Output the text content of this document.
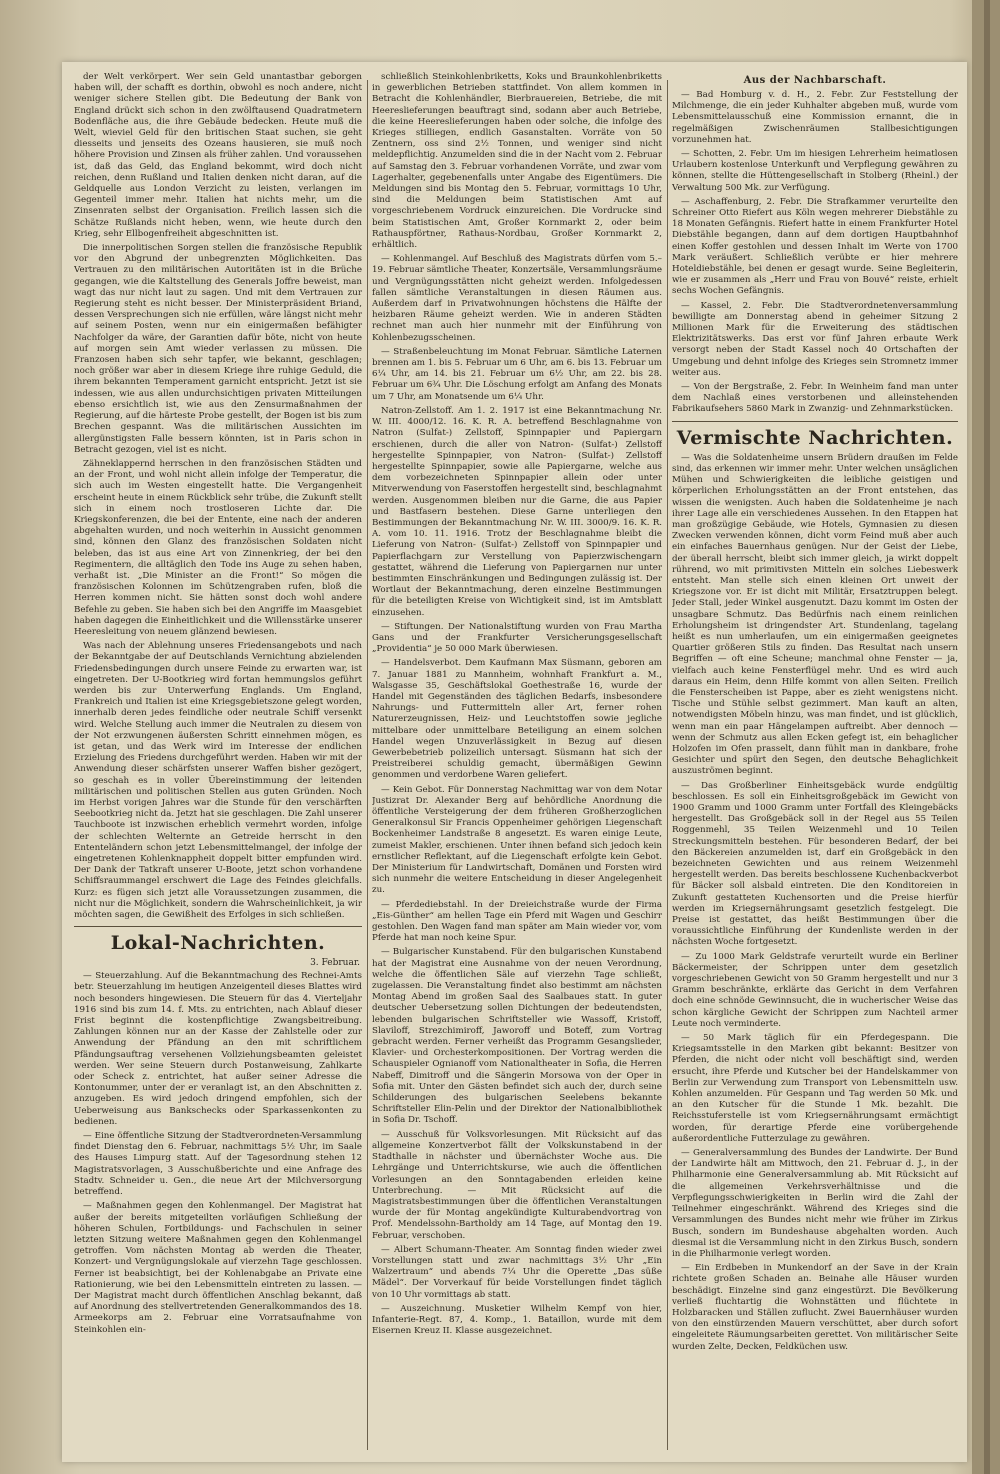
der Welt verkörpert. Wer sein Geld unantastbar geborgen haben will, der schafft es dorthin, obwohl es noch andere, nicht weniger sichere Stellen gibt. Die Bedeutung der Bank von England drückt sich schon in den zwölftausend Quadratmetern Bodenfläche aus, die ihre Gebäude bedecken. Heute muß die Welt, wieviel Geld für den britischen Staat suchen, sie geht diesseits und jenseits des Ozeans hausieren, sie muß noch höhere Provision und Zinsen als früher zahlen. Und voraussehen ist, daß das Geld, das England bekommt, wird doch nicht reichen, denn Rußland und Italien denken nicht daran, auf die Geldquelle aus London Verzicht zu leisten, verlangen im Gegenteil immer mehr. Italien hat nichts mehr, um die Zinsenraten selbst der Organisation. Freilich lassen sich die Schätze Rußlands nicht heben, wenn, wie heute durch den Krieg, sehr Ellbogenfreiheit abgeschnitten ist.

Die innerpolitischen Sorgen stellen die französische Republik vor den Abgrund der unbegrenzten Möglichkeiten. Das Vertrauen zu den militärischen Autoritäten ist in die Brüche gegangen, wie die Kaltstellung des Generals Joffre beweist, man wagt das nur nicht laut zu sagen. Und mit dem Vertrauen zur Regierung steht es nicht besser. Der Ministerpräsident Briand, dessen Versprechungen sich nie erfüllen, wäre längst nicht mehr auf seinem Posten, wenn nur ein einigermaßen befähigter Nachfolger da wäre, der Garantien dafür böte, nicht von heute auf morgen sein Amt wieder verlassen zu müssen. Die Franzosen haben sich sehr tapfer, wie bekannt, geschlagen; noch größer war aber in diesem Kriege ihre ruhige Geduld, die ihrem bekannten Temperament garnicht entspricht. Jetzt ist sie indessen, wie aus allen undurchsichtigen privaten Mitteilungen ebenso ersichtlich ist, wie aus den Zensurmaßnahmen der Regierung, auf die härteste Probe gestellt, der Bogen ist bis zum Brechen gespannt. Was die militärischen Aussichten im allergünstigsten Falle bessern könnten, ist in Paris schon in Betracht gezogen, viel ist es nicht.

Zähneklappernd herrschen in den französischen Städten und an der Front, und wohl nicht allein infolge der Temperatur, die sich auch im Westen eingestellt hatte. Die Vergangenheit erscheint heute in einem Rückblick sehr trübe, die Zukunft stellt sich in einem noch trostloseren Lichte dar. Die Kriegskonferenzen, die bei der Entente, eine nach der anderen abgehalten wurden, und noch weiterhin in Aussicht genommen sind, können den Glanz des französischen Soldaten nicht beleben, das ist aus eine Art von Zinnenkrieg, der bei den Regimentern, die alltäglich den Tode ins Auge zu sehen haben, verhaßt ist. „Die Minister an die Front!“ So mögen die französischen Kolonnen im Schützengraben rufen, bloß die Herren kommen nicht. Sie hätten sonst doch wohl andere Befehle zu geben. Sie haben sich bei den Angriffe im Maasgebiet haben dagegen die Einheitlichkeit und die Willensstärke unserer Heeresleitung von neuem glänzend bewiesen.

Was nach der Ablehnung unseres Friedensangebots und nach der Bekanntgabe der auf Deutschlands Vernichtung abzielenden Friedensbedingungen durch unsere Feinde zu erwarten war, ist eingetreten. Der U-Bootkrieg wird fortan hemmungslos geführt werden bis zur Unterwerfung Englands. Um England, Frankreich und Italien ist eine Kriegsgebietszone gelegt worden, innerhalb deren jedes feindliche oder neutrale Schiff versenkt wird. Welche Stellung auch immer die Neutralen zu diesem von der Not erzwungenen äußersten Schritt einnehmen mögen, es ist getan, und das Werk wird im Interesse der endlichen Erzielung des Friedens durchgeführt werden. Haben wir mit der Anwendung dieser schärfsten unserer Waffen bisher gezögert, so geschah es in voller Übereinstimmung der leitenden militärischen und politischen Stellen aus guten Gründen. Noch im Herbst vorigen Jahres war die Stunde für den verschärften Seebootkrieg nicht da. Jetzt hat sie geschlagen. Die Zahl unserer Tauchboote ist inzwischen erheblich vermehrt worden, infolge der schlechten Welternte an Getreide herrscht in den Ententeländern schon jetzt Lebensmittelmangel, der infolge der eingetretenen Kohlenknappheit doppelt bitter empfunden wird. Der Dank der Tatkraft unserer U-Boote, jetzt schon vorhandene Schiffsraummangel erschwert die Lage des Feindes gleichfalls. Kurz: es fügen sich jetzt alle Voraussetzungen zusammen, die nicht nur die Möglichkeit, sondern die Wahrscheinlichkeit, ja wir möchten sagen, die Gewißheit des Erfolges in sich schließen.

Lokal-Nachrichten.
3. Februar.

— Steuerzahlung. Auf die Bekanntmachung des Rechnei-Amts betr. Steuerzahlung im heutigen Anzeigenteil dieses Blattes wird noch besonders hingewiesen. Die Steuern für das 4. Vierteljahr 1916 sind bis zum 14. f. Mts. zu entrichten, nach Ablauf dieser Frist beginnt die kostenpflichtige Zwangsbeitreibung. Zahlungen können nur an der Kasse der Zahlstelle oder zur Anwendung der Pfändung an den mit schriftlichem Pfändungsauftrag versehenen Vollziehungsbeamten geleistet werden. Wer seine Steuern durch Postanweisung, Zahlkarte oder Scheck z. entrichtet, hat außer seiner Adresse die Kontonummer, unter der er veranlagt ist, an den Abschnitten z. anzugeben. Es wird jedoch dringend empfohlen, sich der Ueberweisung aus Bankschecks oder Sparkassenkonten zu bedienen.

— Eine öffentliche Sitzung der Stadtverordneten-Versammlung findet Dienstag den 6. Februar, nachmittags 5½ Uhr, im Saale des Hauses Limpurg statt. Auf der Tagesordnung stehen 12 Magistratsvorlagen, 3 Ausschußberichte und eine Anfrage des Stadtv. Schneider u. Gen., die neue Art der Milchversorgung betreffend.

— Maßnahmen gegen den Kohlenmangel. Der Magistrat hat außer der bereits mitgeteilten vorläufigen Schließung der höheren Schulen, Fortbildungs- und Fachschulen in seiner letzten Sitzung weitere Maßnahmen gegen den Kohlenmangel getroffen. Vom nächsten Montag ab werden die Theater, Konzert- und Vergnügungslokale auf vierzehn Tage geschlossen. Ferner ist beabsichtigt, bei der Kohlenabgabe an Private eine Rationierung, wie bei den Lebensmitteln eintreten zu lassen. — Der Magistrat macht durch öffentlichen Anschlag bekannt, daß auf Anordnung des stellvertretenden Generalkommandos des 18. Armeekorps am 2. Februar eine Vorratsaufnahme von Steinkohlen ein-

schließlich Steinkohlenbriketts, Koks und Braunkohlenbriketts in gewerblichen Betrieben stattfindet. Von allem kommen in Betracht die Kohlenhändler, Bierbrauereien, Betriebe, die mit Heereslieferungen beauftragt sind, sodann aber auch Betriebe, die keine Heereslieferungen haben oder solche, die infolge des Krieges stilliegen, endlich Gasanstalten. Vorräte von 50 Zentnern, oss sind 2½ Tonnen, und weniger sind nicht meldepflichtig. Anzumelden sind die in der Nacht vom 2. Februar auf Samstag den 3. Februar vorhandenen Vorräte, und zwar vom Lagerhalter, gegebenenfalls unter Angabe des Eigentümers. Die Meldungen sind bis Montag den 5. Februar, vormittags 10 Uhr, sind die Meldungen beim Statistischen Amt auf vorgeschriebenem Vordruck einzureichen. Die Vordrucke sind beim Statistischen Amt, Großer Kornmarkt 2, oder beim Rathauspförtner, Rathaus-Nordbau, Großer Kornmarkt 2, erhältlich.

— Kohlenmangel. Auf Beschluß des Magistrats dürfen vom 5.–19. Februar sämtliche Theater, Konzertsäle, Versammlungsräume und Vergnügungsstätten nicht geheizt werden. Infolgedessen fallen sämtliche Veranstaltungen in diesen Räumen aus. Außerdem darf in Privatwohnungen höchstens die Hälfte der heizbaren Räume geheizt werden. Wie in anderen Städten rechnet man auch hier nunmehr mit der Einführung von Kohlenbezugsscheinen.

— Straßenbeleuchtung im Monat Februar. Sämtliche Laternen brennen am 1. bis 5. Februar um 6 Uhr, am 6. bis 13. Februar um 6¼ Uhr, am 14. bis 21. Februar um 6½ Uhr, am 22. bis 28. Februar um 6¾ Uhr. Die Löschung erfolgt am Anfang des Monats um 7 Uhr, am Monatsende um 6¼ Uhr.

Natron-Zellstoff. Am 1. 2. 1917 ist eine Bekanntmachung Nr. W. III. 4000/12. 16. K. R. A. betreffend Beschlagnahme von Natron (Sulfat-) Zellstoff, Spinnpapier und Papiergarn erschienen, durch die aller von Natron- (Sulfat-) Zellstoff hergestellte Spinnpapier, von Natron- (Sulfat-) Zellstoff hergestellte Spinnpapier, sowie alle Papiergarne, welche aus dem vorbezeichneten Spinnpapier allein oder unter Mitverwendung von Faserstoffen hergestellt sind, beschlagnahmt werden. Ausgenommen bleiben nur die Garne, die aus Papier und Bastfasern bestehen. Diese Garne unterliegen den Bestimmungen der Bekanntmachung Nr. W. III. 3000/9. 16. K. R. A. vom 10. 11. 1916. Trotz der Beschlagnahme bleibt die Lieferung von Natron- (Sulfat-) Zellstoff von Spinnpapier und Papierflachgarn zur Verstellung von Papierzwischengarn gestattet, während die Lieferung von Papiergarnen nur unter bestimmten Einschränkungen und Bedingungen zulässig ist. Der Wortlaut der Bekanntmachung, deren einzelne Bestimmungen für die beteiligten Kreise von Wichtigkeit sind, ist im Amtsblatt einzusehen.

— Stiftungen. Der Nationalstiftung wurden von Frau Martha Gans und der Frankfurter Versicherungsgesellschaft „Providentia“ je 50 000 Mark überwiesen.

— Handelsverbot. Dem Kaufmann Max Süsmann, geboren am 7. Januar 1881 zu Mannheim, wohnhaft Frankfurt a. M., Walsgasse 35, Geschäftslokal Goethestraße 16, wurde der Handel mit Gegenständen des täglichen Bedarfs, insbesondere Nahrungs- und Futtermitteln aller Art, ferner rohen Naturerzeugnissen, Heiz- und Leuchtstoffen sowie jegliche mittelbare oder unmittelbare Beteiligung an einem solchen Handel wegen Unzuverlässigkeit in Bezug auf diesen Gewerbebetrieb polizeilich untersagt. Süsmann hat sich der Preistreiberei schuldig gemacht, übermäßigen Gewinn genommen und verdorbene Waren geliefert.

— Kein Gebot. Für Donnerstag Nachmittag war von dem Notar Justizrat Dr. Alexander Berg auf behördliche Anordnung die öffentliche Versteigerung der dem früheren Großherzoglichen Generalkonsul Sir Francis Oppenheimer gehörigen Liegenschaft Bockenheimer Landstraße 8 angesetzt. Es waren einige Leute, zumeist Makler, erschienen. Unter ihnen befand sich jedoch kein ernstlicher Reflektant, auf die Liegenschaft erfolgte kein Gebot. Der Ministerium für Landwirtschaft, Domänen und Forsten wird sich nunmehr die weitere Entscheidung in dieser Angelegenheit zu.

— Pferdediebstahl. In der Dreieichstraße wurde der Firma „Eis-Günther“ am hellen Tage ein Pferd mit Wagen und Geschirr gestohlen. Den Wagen fand man später am Main wieder vor, vom Pferde hat man noch keine Spur.

— Bulgarischer Kunstabend. Für den bulgarischen Kunstabend hat der Magistrat eine Ausnahme von der neuen Verordnung, welche die öffentlichen Säle auf vierzehn Tage schließt, zugelassen. Die Veranstaltung findet also bestimmt am nächsten Montag Abend im großen Saal des Saalbaues statt. In guter deutscher Uebersetzung sollen Dichtungen der bedeutendsten, lebenden bulgarischen Schriftsteller wie Wassoff, Kristoff, Slaviloff, Strezchimiroff, Jaworoff und Boteff, zum Vortrag gebracht werden. Ferner verheißt das Programm Gesangslieder, Klavier- und Orchesterkompositionen. Der Vortrag werden die Schauspieler Ognianoff vom Nationaltheater in Sofia, die Herren Nabeff, Dimitroff und die Sängerin Morsowa von der Oper in Sofia mit. Unter den Gästen befindet sich auch der, durch seine Schilderungen des bulgarischen Seelebens bekannte Schriftsteller Elin-Pelin und der Direktor der Nationalbibliothek in Sofia Dr. Tschoff.

— Ausschuß für Volksvorlesungen. Mit Rücksicht auf das allgemeine Konzertverbot fällt der Volkskunstabend in der Stadthalle in nächster und übernächster Woche aus. Die Lehrgänge und Unterrichtskurse, wie auch die öffentlichen Vorlesungen an den Sonntagabenden erleiden keine Unterbrechung. — Mit Rücksicht auf die Magistratsbestimmungen über die öffentlichen Veranstaltungen wurde der für Montag angekündigte Kulturabendvortrag von Prof. Mendelssohn-Bartholdy am 14 Tage, auf Montag den 19. Februar, verschoben.

— Albert Schumann-Theater. Am Sonntag finden wieder zwei Vorstellungen statt und zwar nachmittags 3½ Uhr „Ein Walzertraum“ und abends 7¼ Uhr die Operette „Das süße Mädel“. Der Vorverkauf für beide Vorstellungen findet täglich von 10 Uhr vormittags ab statt.

— Auszeichnung. Musketier Wilhelm Kempf von hier, Infanterie-Regt. 87, 4. Komp., 1. Bataillon, wurde mit dem Eisernen Kreuz II. Klasse ausgezeichnet.

Aus der Nachbarschaft.

— Bad Homburg v. d. H., 2. Febr. Zur Feststellung der Milchmenge, die ein jeder Kuhhalter abgeben muß, wurde vom Lebensmittelausschuß eine Kommission ernannt, die in regelmäßigen Zwischenräumen Stallbesichtigungen vorzunehmen hat.

— Schotten, 2. Febr. Um im hiesigen Lehrerheim heimatlosen Urlaubern kostenlose Unterkunft und Verpflegung gewähren zu können, stellte die Hüttengesellschaft in Stolberg (Rheinl.) der Verwaltung 500 Mk. zur Verfügung.

— Aschaffenburg, 2. Febr. Die Strafkammer verurteilte den Schreiner Otto Riefert aus Köln wegen mehrerer Diebstähle zu 18 Monaten Gefängnis. Riefert hatte in einem Frankfurter Hotel Diebstähle begangen, dann auf dem dortigen Hauptbahnhof einen Koffer gestohlen und dessen Inhalt im Werte von 1700 Mark veräußert. Schließlich verübte er hier mehrere Hoteldiebstähle, bei denen er gesagt wurde. Seine Begleiterin, wie er zusammen als „Herr und Frau von Bouvé“ reiste, erhielt sechs Wochen Gefängnis.

— Kassel, 2. Febr. Die Stadtverordnetenversammlung bewilligte am Donnerstag abend in geheimer Sitzung 2 Millionen Mark für die Erweiterung des städtischen Elektrizitätswerks. Das erst vor fünf Jahren erbaute Werk versorgt neben der Stadt Kassel noch 40 Ortschaften der Umgebung und dehnt infolge des Krieges sein Stromnetz immer weiter aus.

— Von der Bergstraße, 2. Febr. In Weinheim fand man unter dem Nachlaß eines verstorbenen und alleinstehenden Fabrikaufsehers 5860 Mark in Zwanzig- und Zehnmarkstücken.

Vermischte Nachrichten.

— Was die Soldatenheime unsern Brüdern draußen im Felde sind, das erkennen wir immer mehr. Unter welchen unsäglichen Mühen und Schwierigkeiten die leibliche geistigen und körperlichen Erholungsstätten an der Front entstehen, das wissen die wenigsten. Auch haben die Soldatenheime je nach ihrer Lage alle ein verschiedenes Aussehen. In den Etappen hat man großzügige Gebäude, wie Hotels, Gymnasien zu diesen Zwecken verwenden können, dicht vorm Feind muß aber auch ein einfaches Bauernhaus genügen. Nur der Geist der Liebe, der überall herrscht, bleibt sich immer gleich, ja wirkt doppelt rührend, wo mit primitivsten Mitteln ein solches Liebeswerk entsteht. Man stelle sich einen kleinen Ort unweit der Kriegszone vor. Er ist dicht mit Militär, Ersatztruppen belegt. Jeder Stall, jeder Winkel ausgenutzt. Dazu kommt im Osten der unsagbare Schmutz. Das Bedürfnis nach einem reinlichen Erholungsheim ist dringendster Art. Stundenlang, tagelang heißt es nun umherlaufen, um ein einigermaßen geeignetes Quartier größeren Stils zu finden. Das Resultat nach unsern Begriffen — oft eine Scheune; manchmal ohne Fenster — ja, vielfach auch keine Fensterflügel mehr. Und es wird auch daraus ein Heim, denn Hilfe kommt von allen Seiten. Freilich die Fensterscheiben ist Pappe, aber es zieht wenigstens nicht. Tische und Stühle selbst gezimmert. Man kauft an alten, notwendigsten Möbeln hinzu, was man findet, und ist glücklich, wenn man ein paar Hängelampen auftreibt. Aber dennoch — wenn der Schmutz aus allen Ecken gefegt ist, ein behaglicher Holzofen im Ofen prasselt, dann fühlt man in dankbare, frohe Gesichter und spürt den Segen, den deutsche Behaglichkeit auszuströmen beginnt.

— Das Großberliner Einheitsgebäck wurde endgültig beschlossen. Es soll ein Einheitsgroßgebäck im Gewicht von 1900 Gramm und 1000 Gramm unter Fortfall des Kleingebäcks hergestellt. Das Großgebäck soll in der Regel aus 55 Teilen Roggenmehl, 35 Teilen Weizenmehl und 10 Teilen Streckungsmitteln bestehen. Für besonderen Bedarf, der bei den Bäckereien anzumelden ist, darf ein Großgebäck in den bezeichneten Gewichten und aus reinem Weizenmehl hergestellt werden. Das bereits beschlossene Kuchenbackverbot für Bäcker soll alsbald eintreten. Die den Konditoreien in Zukunft gestatteten Kuchensorten und die Preise hierfür werden im Kriegsernährungsamt gesetzlich festgelegt. Die Preise ist gestattet, das heißt Bestimmungen über die voraussichtliche Einführung der Kundenliste werden in der nächsten Woche fortgesetzt.

— Zu 1000 Mark Geldstrafe verurteilt wurde ein Berliner Bäckermeister, der Schrippen unter dem gesetzlich vorgeschriebenen Gewicht von 50 Gramm hergestellt und nur 3 Gramm beschränkte, erklärte das Gericht in dem Verfahren doch eine schnöde Gewinnsucht, die in wucherischer Weise das schon kärgliche Gewicht der Schrippen zum Nachteil armer Leute noch verminderte.

— 50 Mark täglich für ein Pferdegespann. Die Kriegsamtsstelle in den Marken gibt bekannt: Besitzer von Pferden, die nicht oder nicht voll beschäftigt sind, werden ersucht, ihre Pferde und Kutscher bei der Handelskammer von Berlin zur Verwendung zum Transport von Lebensmitteln usw. Kohlen anzumelden. Für Gespann und Tag werden 50 Mk. und an den Kutscher für die Stunde 1 Mk. bezahlt. Die Reichsstuferstelle ist vom Kriegsernährungsamt ermächtigt worden, für derartige Pferde eine vorübergehende außerordentliche Futterzulage zu gewähren.

— Generalversammlung des Bundes der Landwirte. Der Bund der Landwirte hält am Mittwoch, den 21. Februar d. J., in der Philharmonie eine Generalversammlung ab. Mit Rücksicht auf die allgemeinen Verkehrsverhältnisse und die Verpflegungsschwierigkeiten in Berlin wird die Zahl der Teilnehmer eingeschränkt. Während des Krieges sind die Versammlungen des Bundes nicht mehr wie früher im Zirkus Busch, sondern im Bundeshause abgehalten worden. Auch diesmal ist die Versammlung nicht in den Zirkus Busch, sondern in die Philharmonie verlegt worden.

— Ein Erdbeben in Munkendorf an der Save in der Krain richtete großen Schaden an. Beinahe alle Häuser wurden beschädigt. Einzelne sind ganz eingestürzt. Die Bevölkerung verließ fluchtartig die Wohnstätten und flüchtete in Holzbaracken und Ställen zuflucht. Zwei Bauernhäuser wurden von den einstürzenden Mauern verschüttet, aber durch sofort eingeleitete Räumungsarbeiten gerettet. Von militärischer Seite wurden Zelte, Decken, Feldküchen usw.
